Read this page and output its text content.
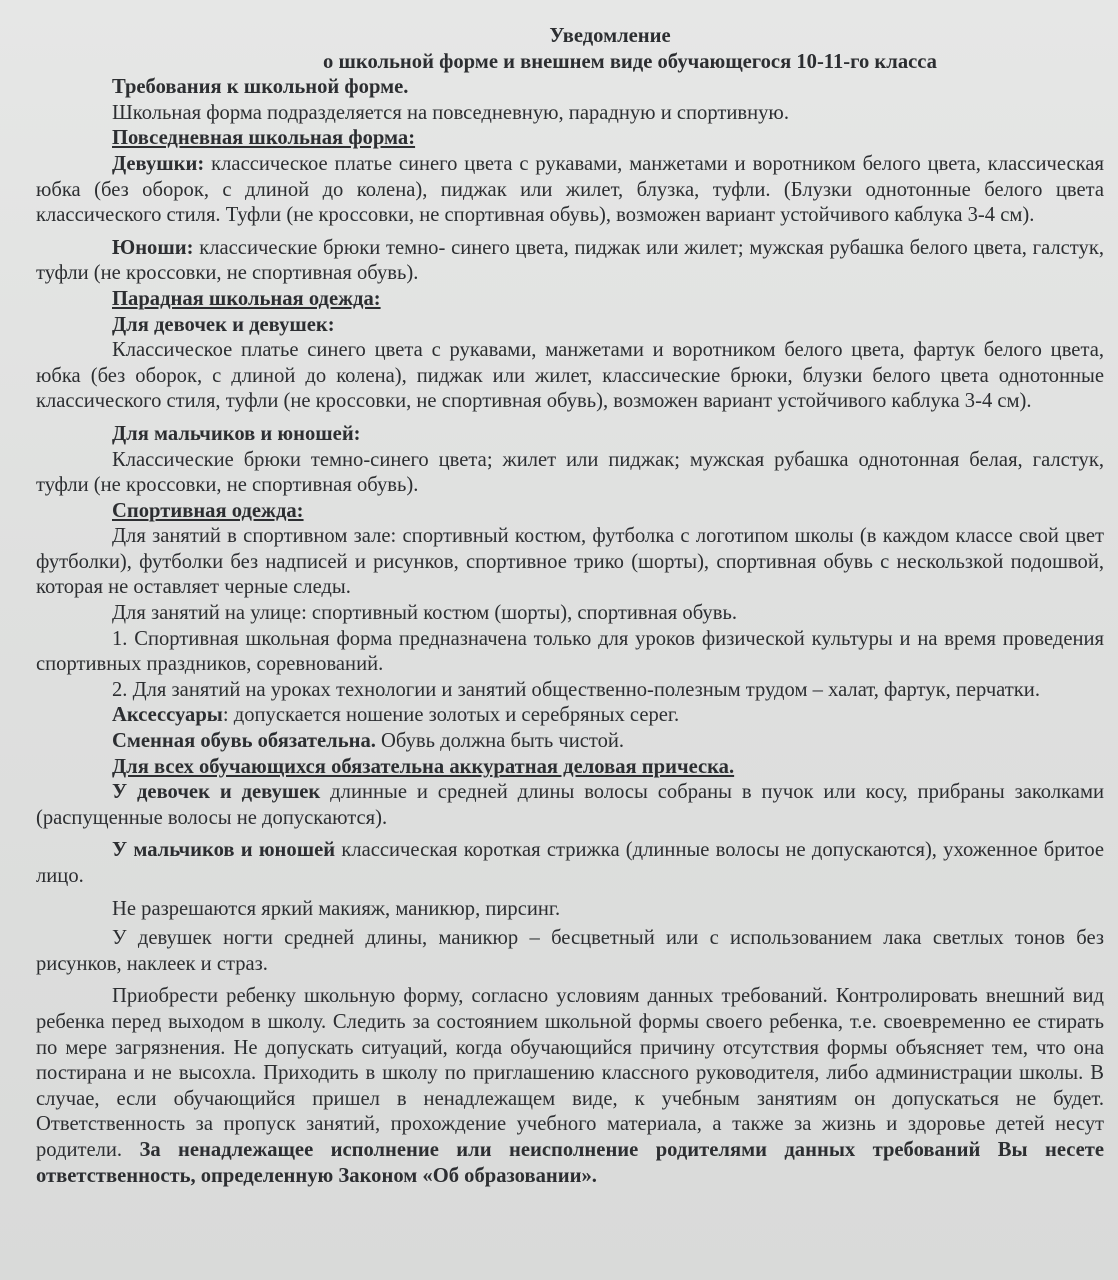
Уведомление

о школьной форме и внешнем виде обучающегося 10-11-го класса

Требования к школьной форме.

Школьная форма подразделяется на повседневную, парадную и спортивную.

Повседневная школьная форма:

Девушки: классическое платье синего цвета с рукавами, манжетами и воротником белого цвета, классическая юбка (без оборок, с длиной до колена), пиджак или жилет, блузка, туфли. (Блузки однотонные белого цвета классического стиля. Туфли (не кроссовки, не спортивная обувь), возможен вариант устойчивого каблука 3-4 см).

Юноши: классические брюки темно- синего цвета, пиджак или жилет; мужская рубашка белого цвета, галстук, туфли (не кроссовки, не спортивная обувь).

Парадная школьная одежда:

Для девочек и девушек:

Классическое платье синего цвета с рукавами, манжетами и воротником белого цвета, фартук белого цвета, юбка (без оборок, с длиной до колена), пиджак или жилет, классические брюки, блузки белого цвета однотонные классического стиля, туфли (не кроссовки, не спортивная обувь), возможен вариант устойчивого каблука 3-4 см).

Для мальчиков и юношей:

Классические брюки темно-синего цвета; жилет или пиджак; мужская рубашка однотонная белая, галстук, туфли (не кроссовки, не спортивная обувь).

Спортивная одежда:

Для занятий в спортивном зале: спортивный костюм, футболка с логотипом школы (в каждом классе свой цвет футболки), футболки без надписей и рисунков, спортивное трико (шорты), спортивная обувь с нескользкой подошвой, которая не оставляет черные следы.

Для занятий на улице: спортивный костюм (шорты), спортивная обувь.

1. Спортивная школьная форма предназначена только для уроков физической культуры и на время проведения спортивных праздников, соревнований.

2. Для занятий на уроках технологии и занятий общественно-полезным трудом – халат, фартук, перчатки.

Аксессуары: допускается ношение золотых и серебряных серег.

Сменная обувь обязательна. Обувь должна быть чистой.

Для всех обучающихся обязательна аккуратная деловая прическа.

У девочек и девушек длинные и средней длины волосы собраны в пучок или косу, прибраны заколками (распущенные волосы не допускаются).

У мальчиков и юношей классическая короткая стрижка (длинные волосы не допускаются), ухоженное бритое лицо.

Не разрешаются яркий макияж, маникюр, пирсинг.

У девушек ногти средней длины, маникюр – бесцветный или с использованием лака светлых тонов без рисунков, наклеек и страз.

Приобрести ребенку школьную форму, согласно условиям данных требований. Контролировать внешний вид ребенка перед выходом в школу. Следить за состоянием школьной формы своего ребенка, т.е. своевременно ее стирать по мере загрязнения. Не допускать ситуаций, когда обучающийся причину отсутствия формы объясняет тем, что она постирана и не высохла. Приходить в школу по приглашению классного руководителя, либо администрации школы. В случае, если обучающийся пришел в ненадлежащем виде, к учебным занятиям он допускаться не будет. Ответственность за пропуск занятий, прохождение учебного материала, а также за жизнь и здоровье детей несут родители. За ненадлежащее исполнение или неисполнение родителями данных требований Вы несете ответственность, определенную Законом «Об образовании».
